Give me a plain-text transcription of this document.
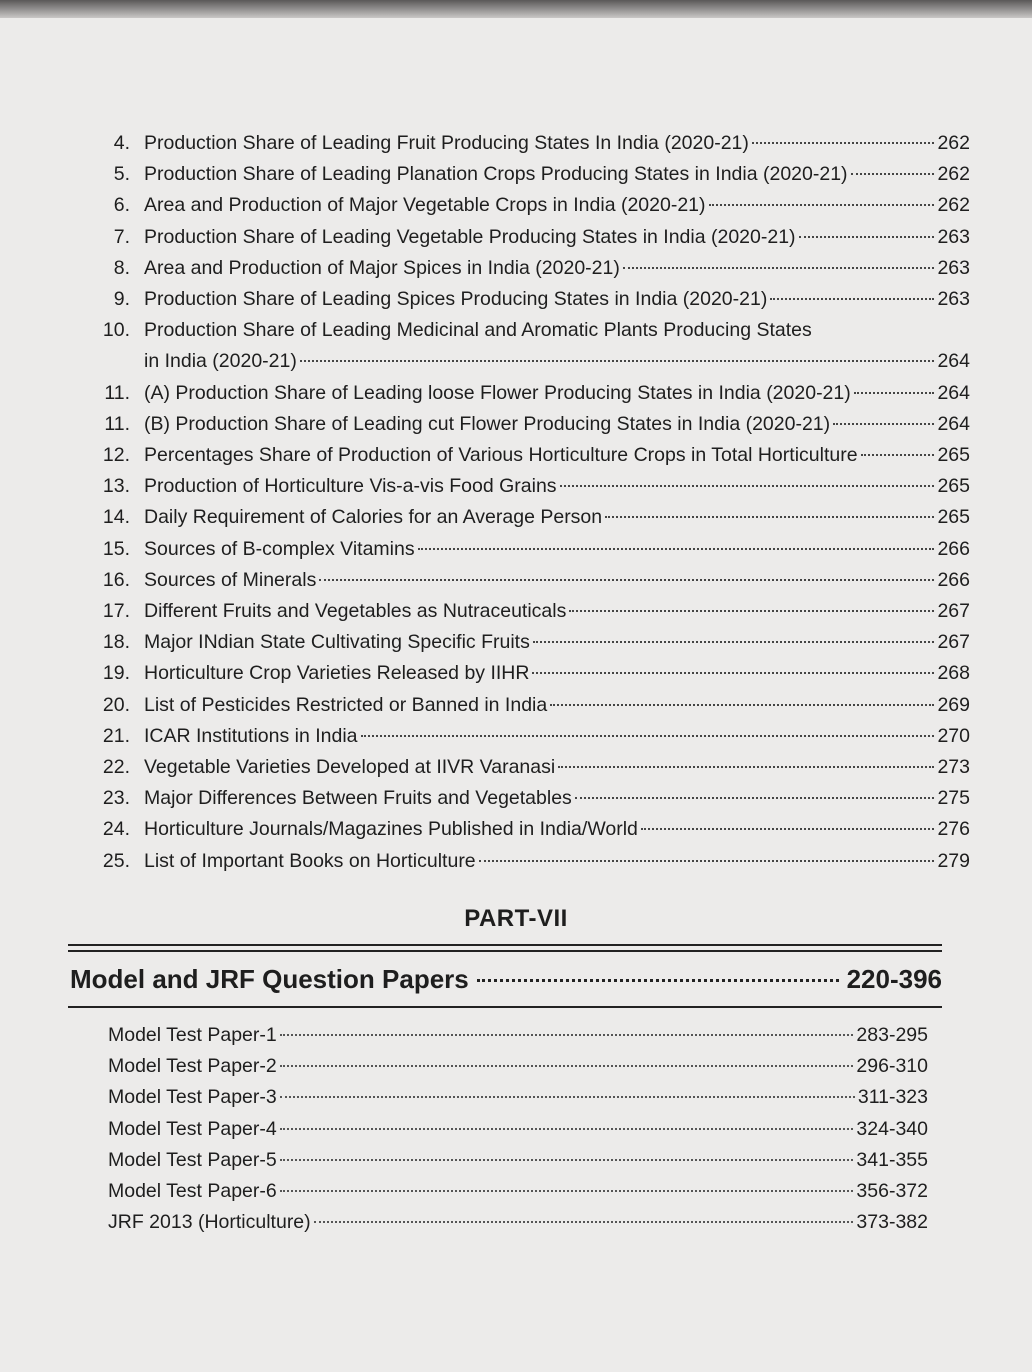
4. Production Share of Leading Fruit Producing States In India (2020-21)	262
5. Production Share of Leading Planation Crops Producing States in India (2020-21)	262
6. Area and Production of Major Vegetable Crops in India (2020-21)	262
7. Production Share of Leading Vegetable Producing States in India (2020-21)	263
8. Area and Production of Major Spices in India (2020-21)	263
9. Production Share of Leading Spices Producing States in India (2020-21)	263
10. Production Share of Leading Medicinal and Aromatic Plants Producing States
in India (2020-21)	264
11. (A) Production Share of Leading loose Flower Producing States in India (2020-21)	264
11. (B) Production Share of Leading cut Flower Producing States in India (2020-21)	264
12. Percentages Share of Production of Various Horticulture Crops in Total Horticulture	265
13. Production of Horticulture Vis-a-vis Food Grains	265
14. Daily Requirement of Calories for an Average Person	265
15. Sources of B-complex Vitamins	266
16. Sources of Minerals	266
17. Different Fruits and Vegetables as Nutraceuticals	267
18. Major INdian State Cultivating Specific Fruits	267
19. Horticulture Crop Varieties Released by IIHR	268
20. List of Pesticides Restricted or Banned in India	269
21. ICAR Institutions in India	270
22. Vegetable Varieties Developed at IIVR Varanasi	273
23. Major Differences Between Fruits and Vegetables	275
24. Horticulture Journals/Magazines Published in India/World	276
25. List of Important Books on Horticulture	279
PART-VII
Model and JRF Question Papers	220-396
Model Test Paper-1	283-295
Model Test Paper-2	296-310
Model Test Paper-3	311-323
Model Test Paper-4	324-340
Model Test Paper-5	341-355
Model Test Paper-6	356-372
JRF 2013 (Horticulture)	373-382
